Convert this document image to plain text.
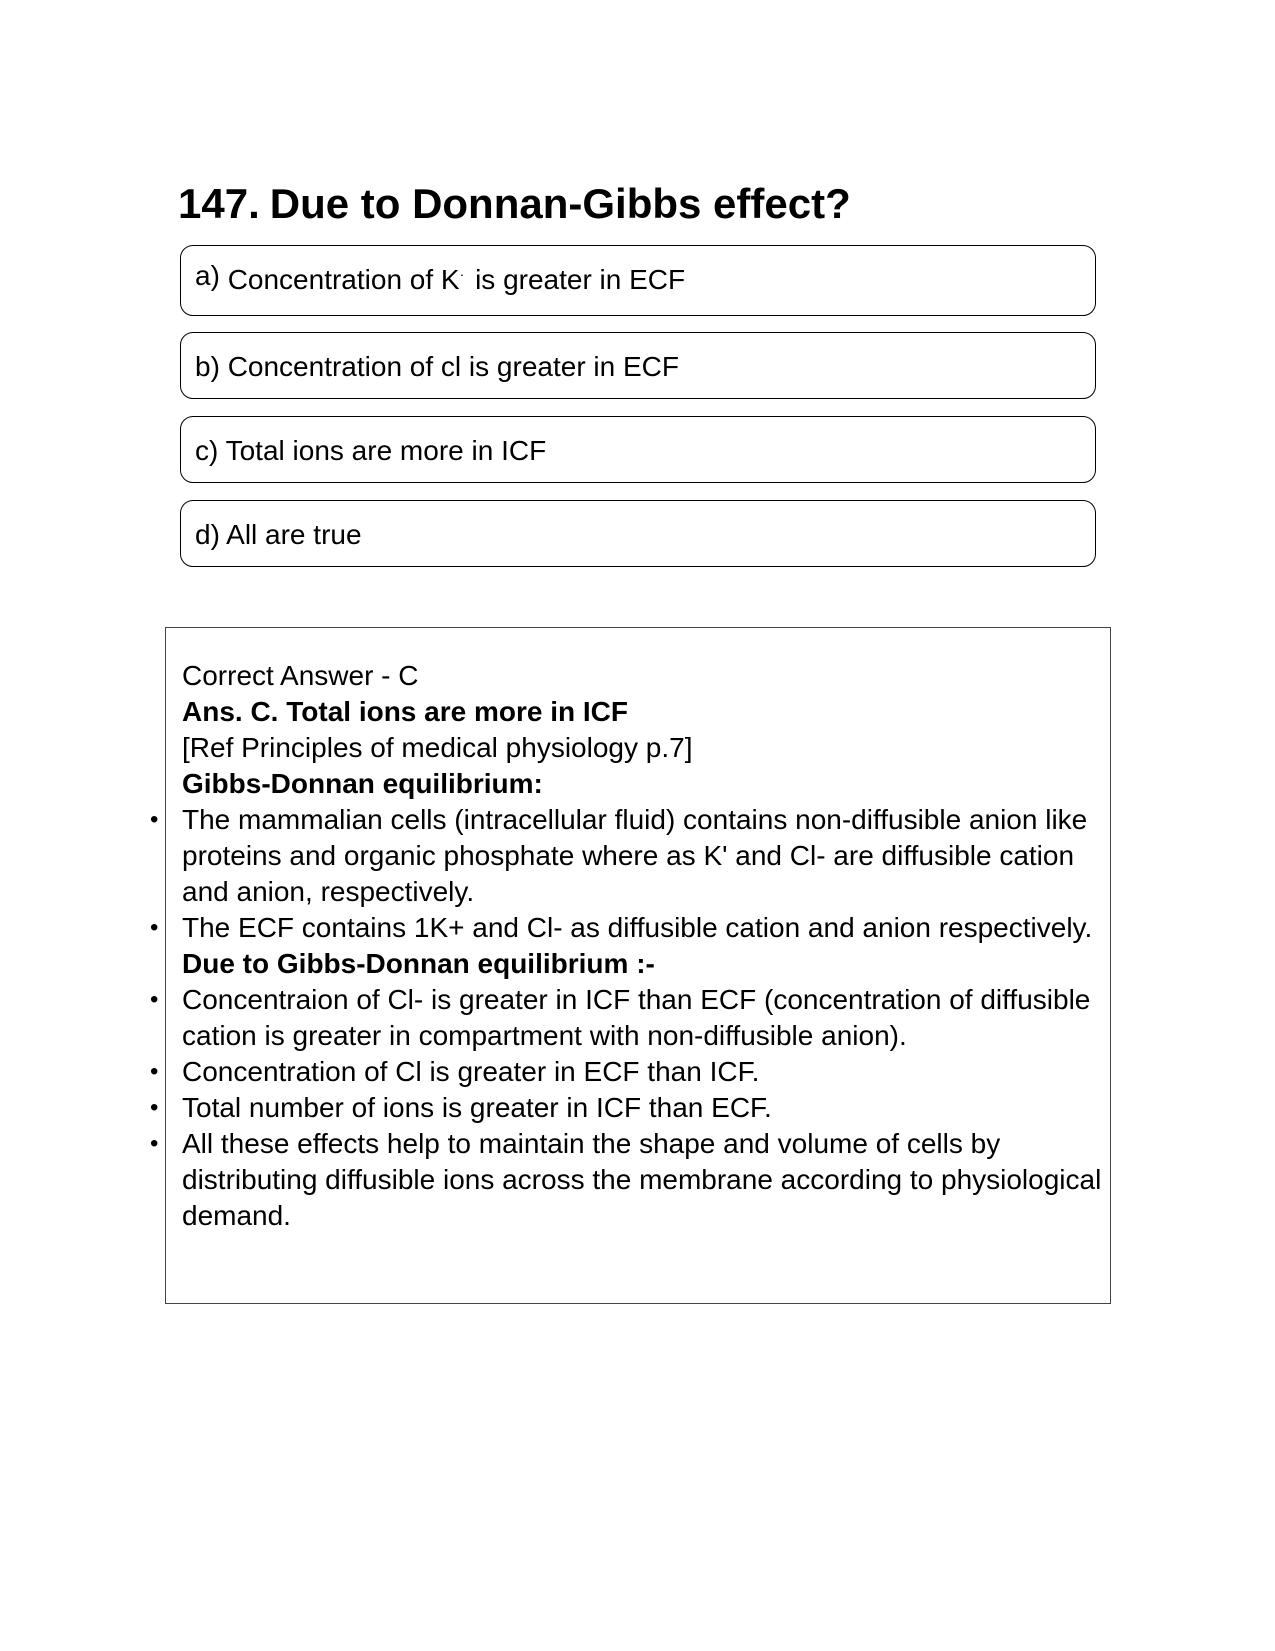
147. Due to Donnan-Gibbs effect?
a) Concentration of K· is greater in ECF
b) Concentration of cl is greater in ECF
c) Total ions are more in ICF
d) All are true

Correct Answer - C

Ans. C. Total ions are more in ICF

[Ref Principles of medical physiology p.7]

Gibbs-Donnan equilibrium:

• The mammalian cells (intracellular fluid) contains non-diffusible anion like proteins and organic phosphate where as K' and Cl- are diffusible cation and anion, respectively.
• The ECF contains 1K+ and Cl- as diffusible cation and anion respectively.

Due to Gibbs-Donnan equilibrium :-

• Concentraion of Cl- is greater in ICF than ECF (concentration of diffusible cation is greater in compartment with non-diffusible anion).
• Concentration of Cl is greater in ECF than ICF.
• Total number of ions is greater in ICF than ECF.
• All these effects help to maintain the shape and volume of cells by distributing diffusible ions across the membrane according to physiological demand.
